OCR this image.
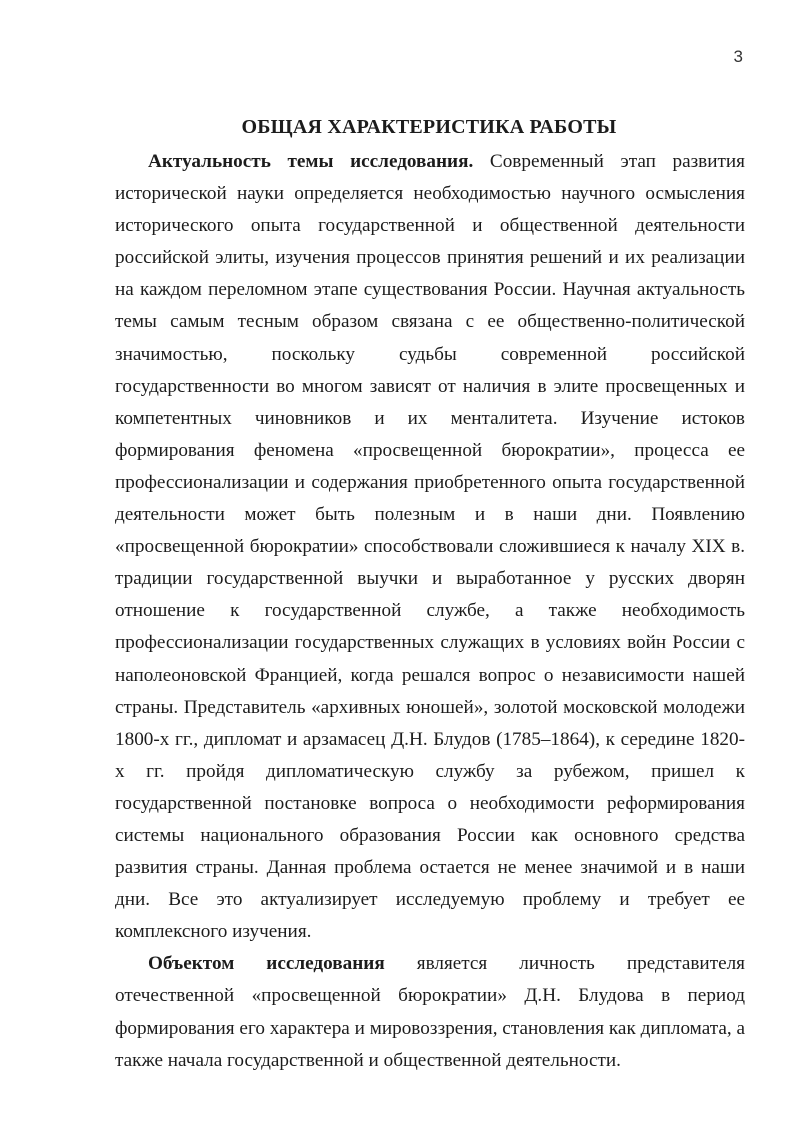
3
ОБЩАЯ ХАРАКТЕРИСТИКА РАБОТЫ

Актуальность темы исследования. Современный этап развития исторической науки определяется необходимостью научного осмысления исторического опыта государственной и общественной деятельности российской элиты, изучения процессов принятия решений и их реализации на каждом переломном этапе существования России. Научная актуальность темы самым тесным образом связана с ее общественно-политической значимостью, поскольку судьбы современной российской государственности во многом зависят от наличия в элите просвещенных и компетентных чиновников и их менталитета. Изучение истоков формирования феномена «просвещенной бюрократии», процесса ее профессионализации и содержания приобретенного опыта государственной деятельности может быть полезным и в наши дни. Появлению «просвещенной бюрократии» способствовали сложившиеся к началу XIX в. традиции государственной выучки и выработанное у русских дворян отношение к государственной службе, а также необходимость профессионализации государственных служащих в условиях войн России с наполеоновской Францией, когда решался вопрос о независимости нашей страны. Представитель «архивных юношей», золотой московской молодежи 1800-х гг., дипломат и арзамасец Д.Н. Блудов (1785–1864), к середине 1820-х гг. пройдя дипломатическую службу за рубежом, пришел к государственной постановке вопроса о необходимости реформирования системы национального образования России как основного средства развития страны. Данная проблема остается не менее значимой и в наши дни. Все это актуализирует исследуемую проблему и требует ее комплексного изучения.

Объектом исследования является личность представителя отечественной «просвещенной бюрократии» Д.Н. Блудова в период формирования его характера и мировоззрения, становления как дипломата, а также начала государственной и общественной деятельности.
